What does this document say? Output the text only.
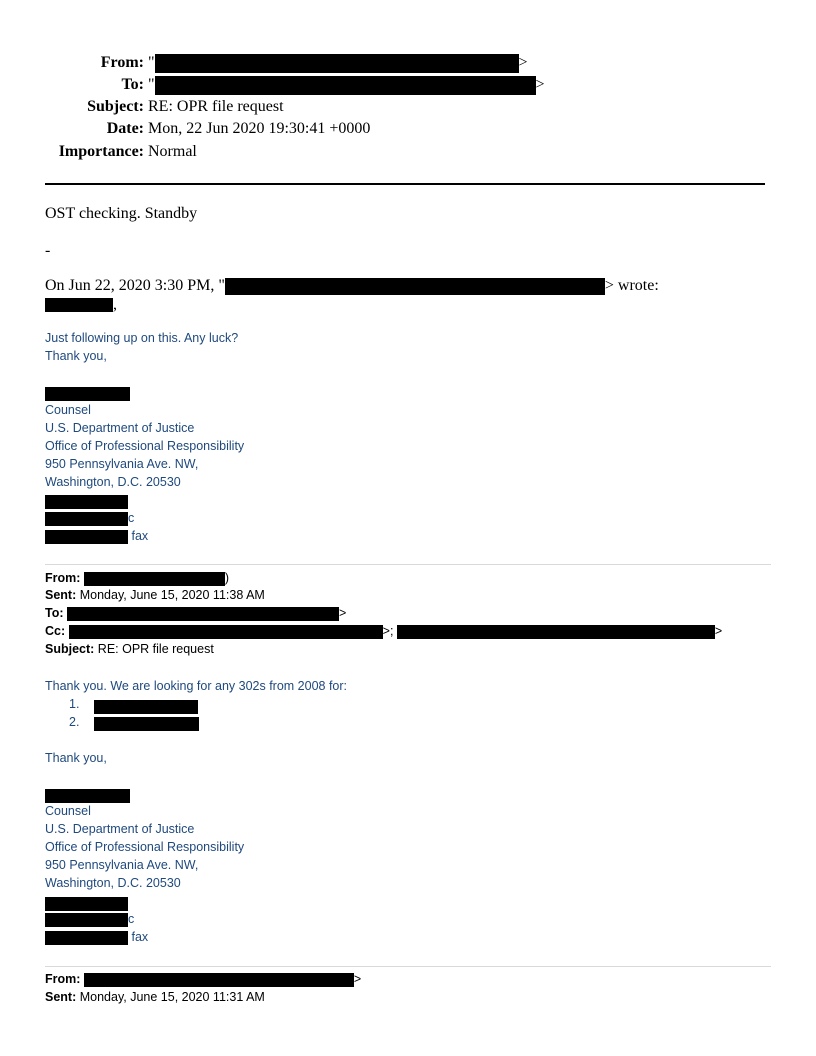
From: "	>
To: "	>
Subject: RE: OPR file request
Date: Mon, 22 Jun 2020 19:30:41 +0000
Importance: Normal
OST checking. Standby
-
On Jun 22, 2020 3:30 PM, "	> wrote:
,
Just following up on this. Any luck?
Thank you,
Counsel
U.S. Department of Justice
Office of Professional Responsibility
950 Pennsylvania Ave. NW,
Washington, D.C. 20530
c
fax
From:	)
Sent: Monday, June 15, 2020 11:38 AM
To:	>
Cc:	>;	>
Subject: RE: OPR file request
Thank you. We are looking for any 302s from 2008 for:
1.
2.
Thank you,
Counsel
U.S. Department of Justice
Office of Professional Responsibility
950 Pennsylvania Ave. NW,
Washington, D.C. 20530
c
fax
From:	>
Sent: Monday, June 15, 2020 11:31 AM
